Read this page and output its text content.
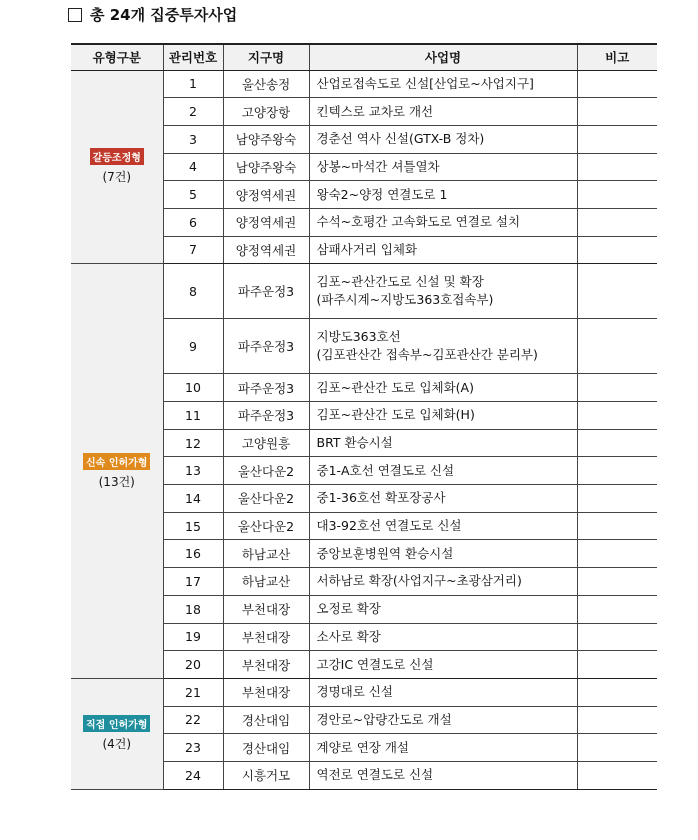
총 24개 집중투자사업
유형구분	관리번호	지구명	사업명	비고
갈등조정형
(7건)	1	울산송정	산업로접속도로 신설[산업로~사업지구]	
	2	고양장항	킨텍스로 교차로 개선	
	3	남양주왕숙	경춘선 역사 신설(GTX-B 정차)	
	4	남양주왕숙	상봉~마석간 셔틀열차	
	5	양정역세권	왕숙2~양정 연결도로 1	
	6	양정역세권	수석~호평간 고속화도로 연결로 설치	
	7	양정역세권	삼패사거리 입체화	
신속 인허가형
(13건)	8	파주운정3	김포~관산간도로 신설 및 확장
(파주시계~지방도363호접속부)	
	9	파주운정3	지방도363호선
(김포관산간 접속부~김포관산간 분리부)	
	10	파주운정3	김포~관산간 도로 입체화(A)	
	11	파주운정3	김포~관산간 도로 입체화(H)	
	12	고양원흥	BRT 환승시설	
	13	울산다운2	중1-A호선 연결도로 신설	
	14	울산다운2	중1-36호선 확포장공사	
	15	울산다운2	대3-92호선 연결도로 신설	
	16	하남교산	중앙보훈병원역 환승시설	
	17	하남교산	서하남로 확장(사업지구~초광삼거리)	
	18	부천대장	오정로 확장	
	19	부천대장	소사로 확장	
	20	부천대장	고강IC 연결도로 신설	
직접 인허가형
(4건)	21	부천대장	경명대로 신설	
	22	경산대임	경안로~압량간도로 개설	
	23	경산대임	계양로 연장 개설	
	24	시흥거모	역전로 연결도로 신설	
